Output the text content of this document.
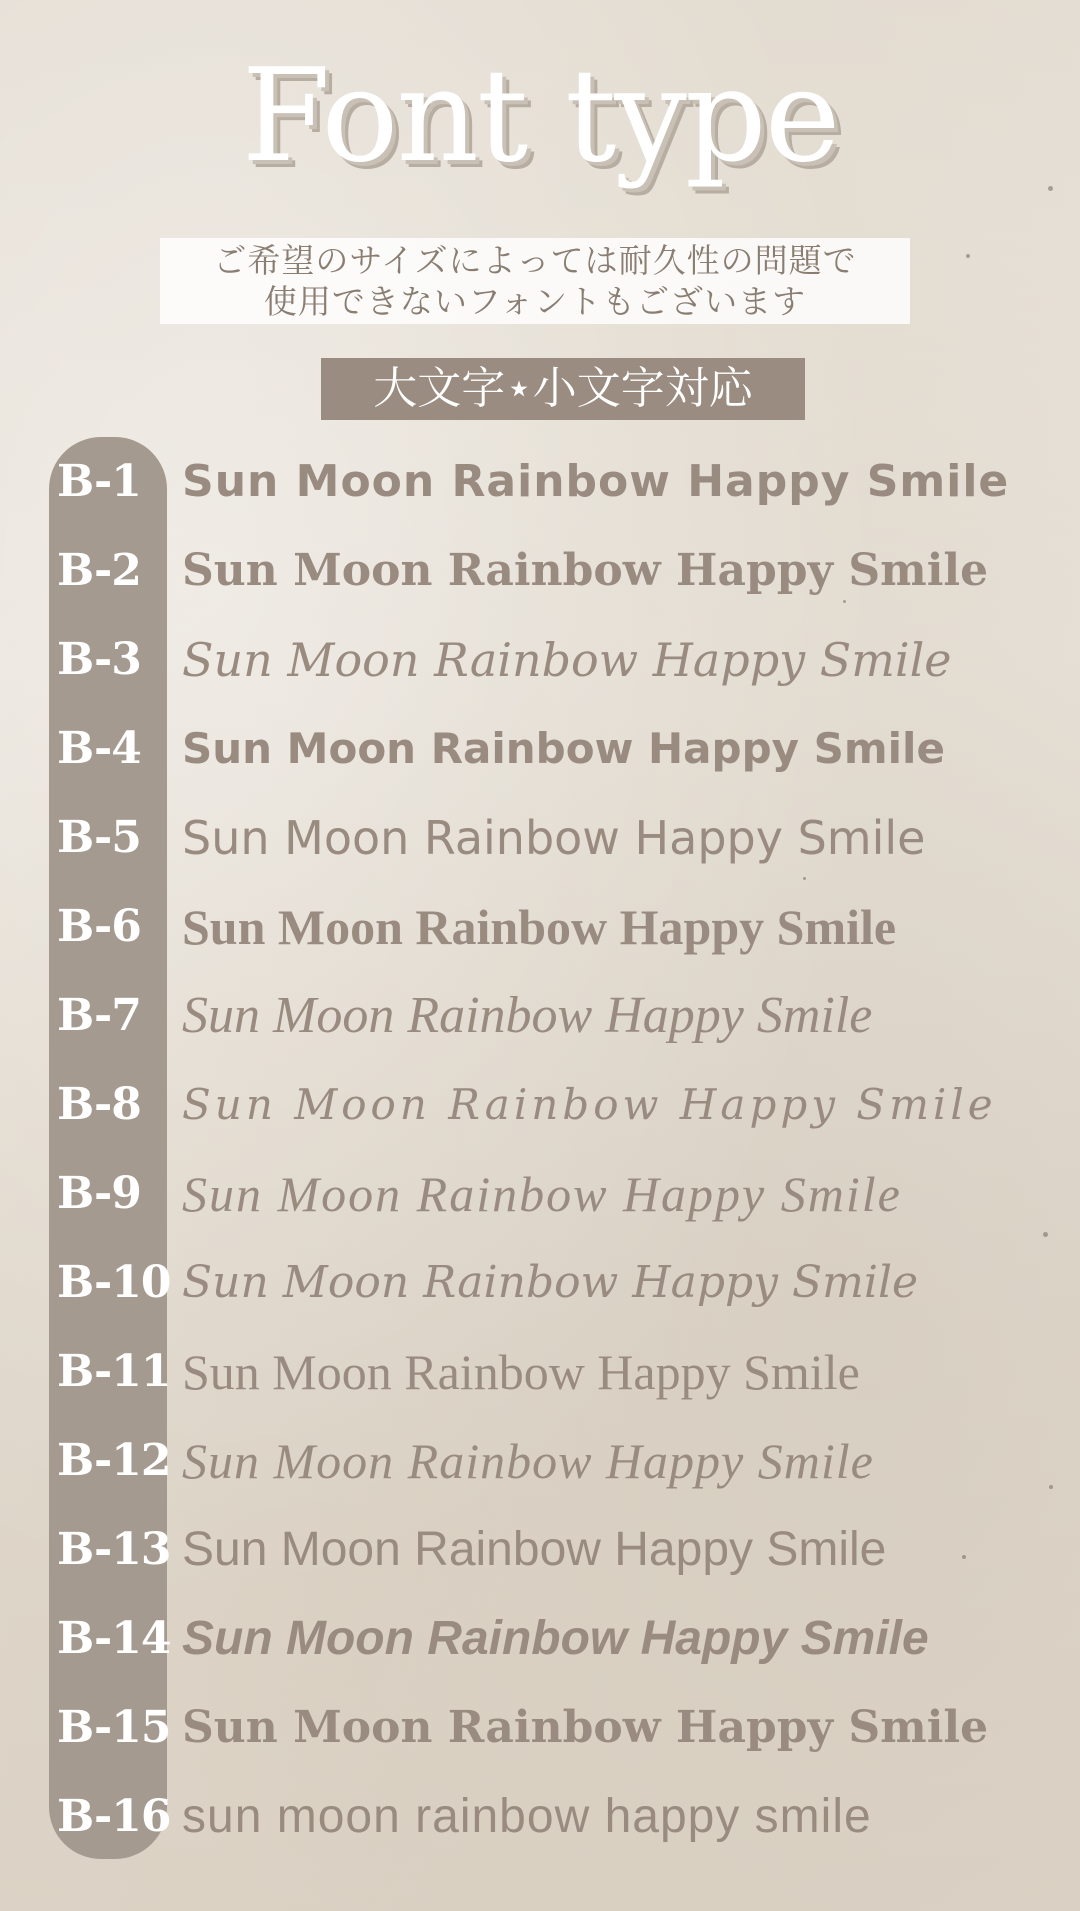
Font type
ご希望のサイズによっては耐久性の問題で
使用できないフォントもございます
大文字⋆小文字対応
B-1 Sun Moon Rainbow Happy Smile
B-2 Sun Moon Rainbow Happy Smile
B-3 Sun Moon Rainbow Happy Smile
B-4 Sun Moon Rainbow Happy Smile
B-5 Sun Moon Rainbow Happy Smile
B-6 Sun Moon Rainbow Happy Smile
B-7 Sun Moon Rainbow Happy Smile
B-8 Sun Moon Rainbow Happy Smile
B-9 Sun Moon Rainbow Happy Smile
B-10 Sun Moon Rainbow Happy Smile
B-11 Sun Moon Rainbow Happy Smile
B-12 Sun Moon Rainbow Happy Smile
B-13 Sun Moon Rainbow Happy Smile
B-14 Sun Moon Rainbow Happy Smile
B-15 Sun Moon Rainbow Happy Smile
B-16 sun moon rainbow happy smile
